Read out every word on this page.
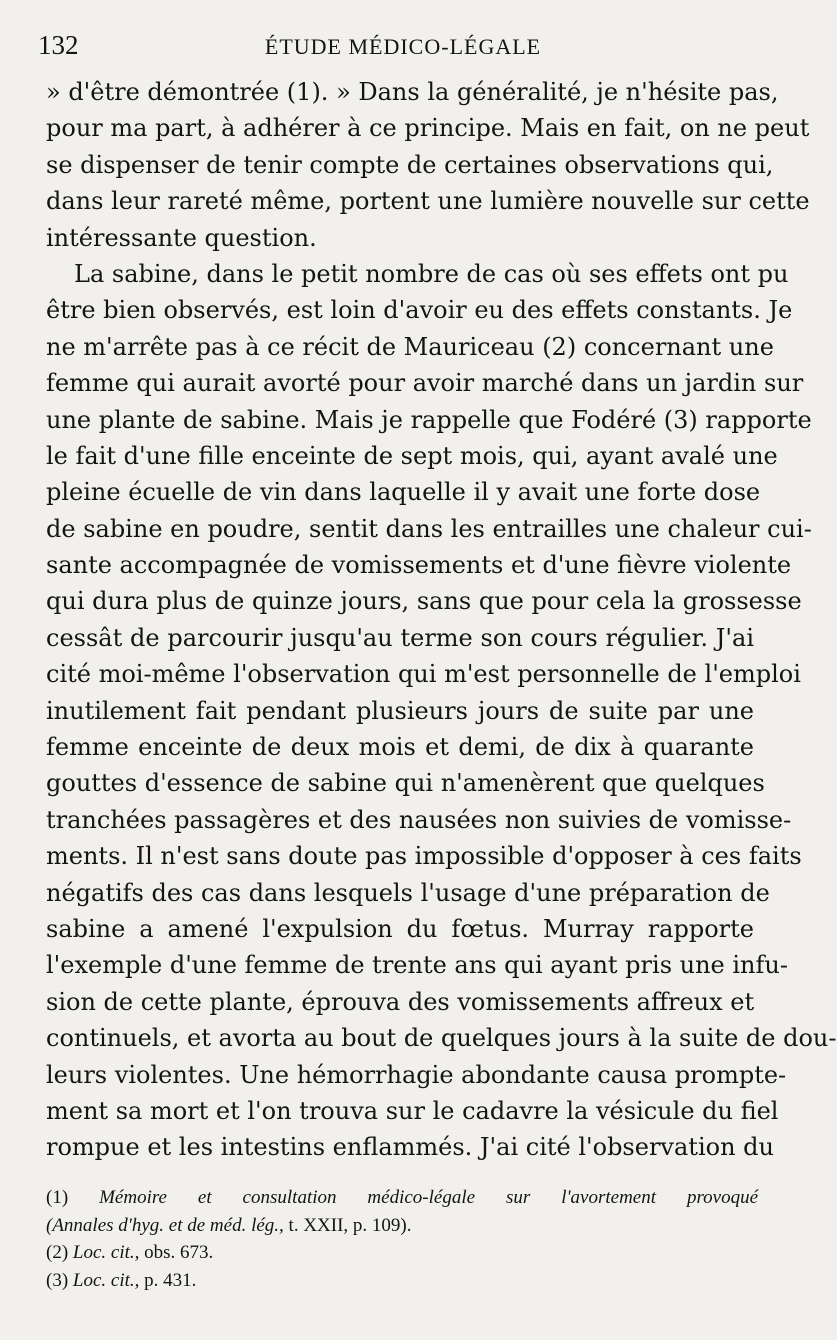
132	ÉTUDE MÉDICO-LÉGALE
» d'être démontrée (1). » Dans la généralité, je n'hésite pas,
pour ma part, à adhérer à ce principe. Mais en fait, on ne peut
se dispenser de tenir compte de certaines observations qui,
dans leur rareté même, portent une lumière nouvelle sur cette
intéressante question.
La sabine, dans le petit nombre de cas où ses effets ont pu
être bien observés, est loin d'avoir eu des effets constants. Je
ne m'arrête pas à ce récit de Mauriceau (2) concernant une
femme qui aurait avorté pour avoir marché dans un jardin sur
une plante de sabine. Mais je rappelle que Fodéré (3) rapporte
le fait d'une fille enceinte de sept mois, qui, ayant avalé une
pleine écuelle de vin dans laquelle il y avait une forte dose
de sabine en poudre, sentit dans les entrailles une chaleur cui-
sante accompagnée de vomissements et d'une fièvre violente
qui dura plus de quinze jours, sans que pour cela la grossesse
cessât de parcourir jusqu'au terme son cours régulier. J'ai
cité moi-même l'observation qui m'est personnelle de l'emploi
inutilement fait pendant plusieurs jours de suite par une
femme enceinte de deux mois et demi, de dix à quarante
gouttes d'essence de sabine qui n'amenèrent que quelques
tranchées passagères et des nausées non suivies de vomisse-
ments. Il n'est sans doute pas impossible d'opposer à ces faits
négatifs des cas dans lesquels l'usage d'une préparation de
sabine a amené l'expulsion du fœtus. Murray rapporte
l'exemple d'une femme de trente ans qui ayant pris une infu-
sion de cette plante, éprouva des vomissements affreux et
continuels, et avorta au bout de quelques jours à la suite de dou-
leurs violentes. Une hémorrhagie abondante causa prompte-
ment sa mort et l'on trouva sur le cadavre la vésicule du fiel
rompue et les intestins enflammés. J'ai cité l'observation du
(1) Mémoire et consultation médico-légale sur l'avortement provoqué
(Annales d'hyg. et de méd. lég., t. XXII, p. 109).
(2) Loc. cit., obs. 673.
(3) Loc. cit., p. 431.
